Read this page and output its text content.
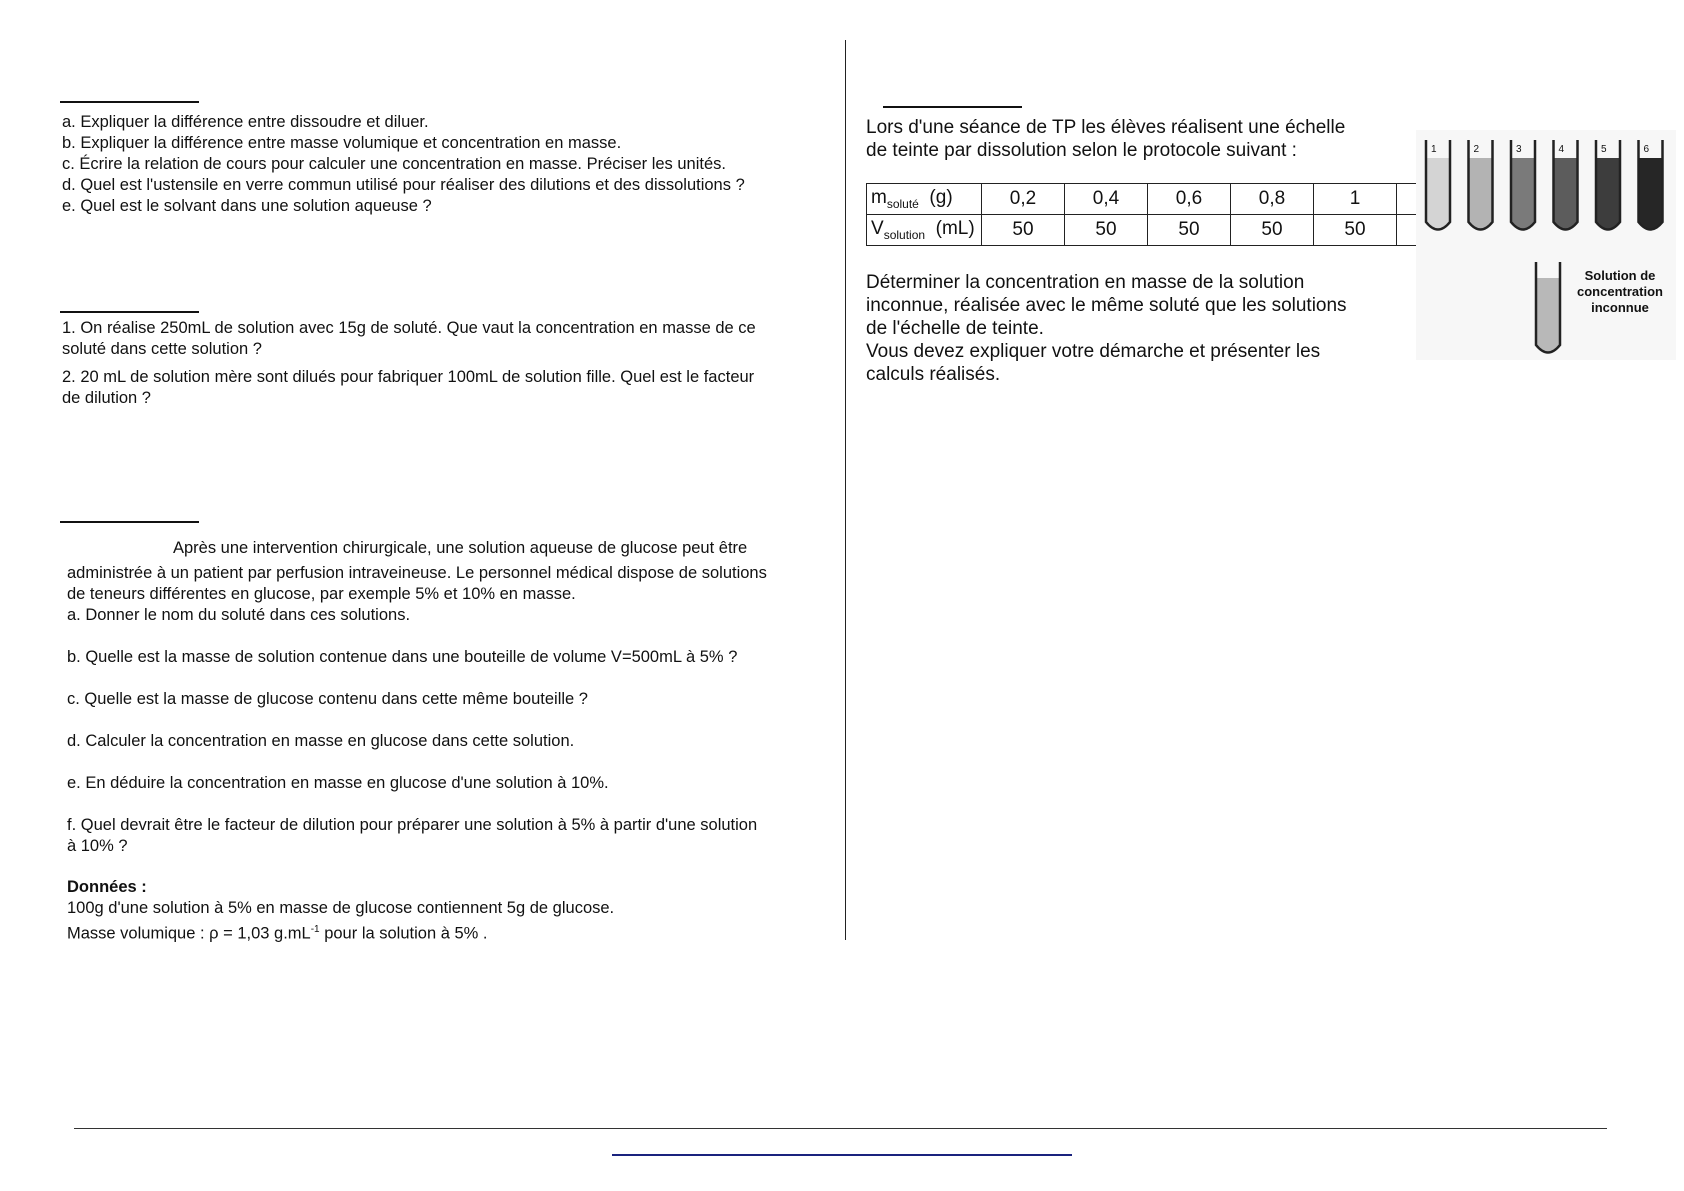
a. Expliquer la différence entre dissoudre et diluer.
b. Expliquer la différence entre masse volumique et concentration en masse.
c. Écrire la relation de cours pour calculer une concentration en masse. Préciser les unités.
d. Quel est l'ustensile en verre commun utilisé pour réaliser des dilutions et des dissolutions ?
e. Quel est le solvant dans une solution aqueuse ?
1. On réalise 250mL de solution avec 15g de soluté. Que vaut la concentration en masse de ce
soluté dans cette solution ?
2. 20 mL de solution mère sont dilués pour fabriquer 100mL de solution fille. Quel est le facteur
de dilution ?
Après une intervention chirurgicale, une solution aqueuse de glucose peut être
administrée à un patient par perfusion intraveineuse. Le personnel médical dispose de solutions
de teneurs différentes en glucose, par exemple 5% et 10% en masse.
a. Donner le nom du soluté dans ces solutions.
b. Quelle est la masse de solution contenue dans une bouteille de volume V=500mL à 5% ?
c. Quelle est la masse de glucose contenu dans cette même bouteille ?
d. Calculer la concentration en masse en glucose dans cette solution.
e. En déduire la concentration en masse en glucose d'une solution à 10%.
f. Quel devrait être le facteur de dilution pour préparer une solution à 5% à partir d'une solution
à 10% ?
Données :
100g d'une solution à 5% en masse de glucose contiennent 5g de glucose.
Masse volumique : ρ = 1,03 $g.mL^{-1}$ pour la solution à 5% .
Lors d'une séance de TP les élèves réalisent une échelle
de teinte par dissolution selon le protocole suivant :
$m_{soluté}$ (g)	0,2	0,4	0,6	0,8	1	
$V_{solution}$ (mL)	50	50	50	50	50	
Déterminer la concentration en masse de la solution
inconnue, réalisée avec le même soluté que les solutions
de l'échelle de teinte.
Vous devez expliquer votre démarche et présenter les
calculs réalisés.
1	2	3	4	5	6
Solution de
concentration
inconnue
